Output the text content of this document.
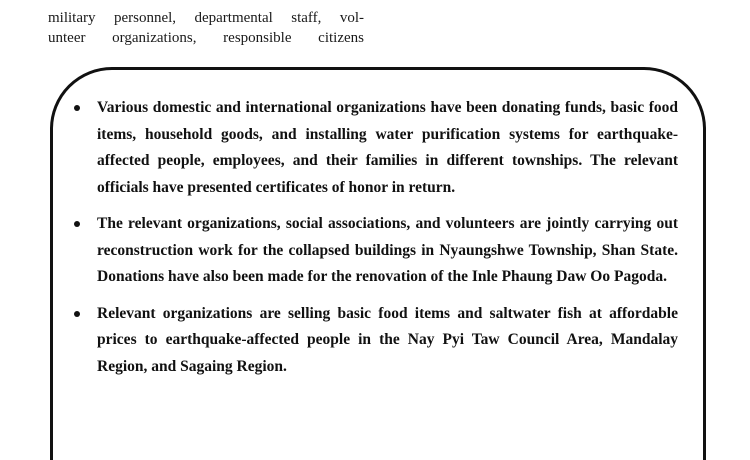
military personnel, departmental staff, vol-
unteer organizations, responsible citizens
Various domestic and international organizations have been donating funds, basic food items, household goods, and installing water purification systems for earthquake-affected people, employees, and their families in different townships. The relevant officials have presented certificates of honor in return.
The relevant organizations, social associations, and volunteers are jointly carrying out reconstruction work for the collapsed buildings in Nyaungshwe Township, Shan State. Donations have also been made for the renovation of the Inle Phaung Daw Oo Pagoda.
Relevant organizations are selling basic food items and saltwater fish at affordable prices to earthquake-affected people in the Nay Pyi Taw Council Area, Mandalay Region, and Sagaing Region.
